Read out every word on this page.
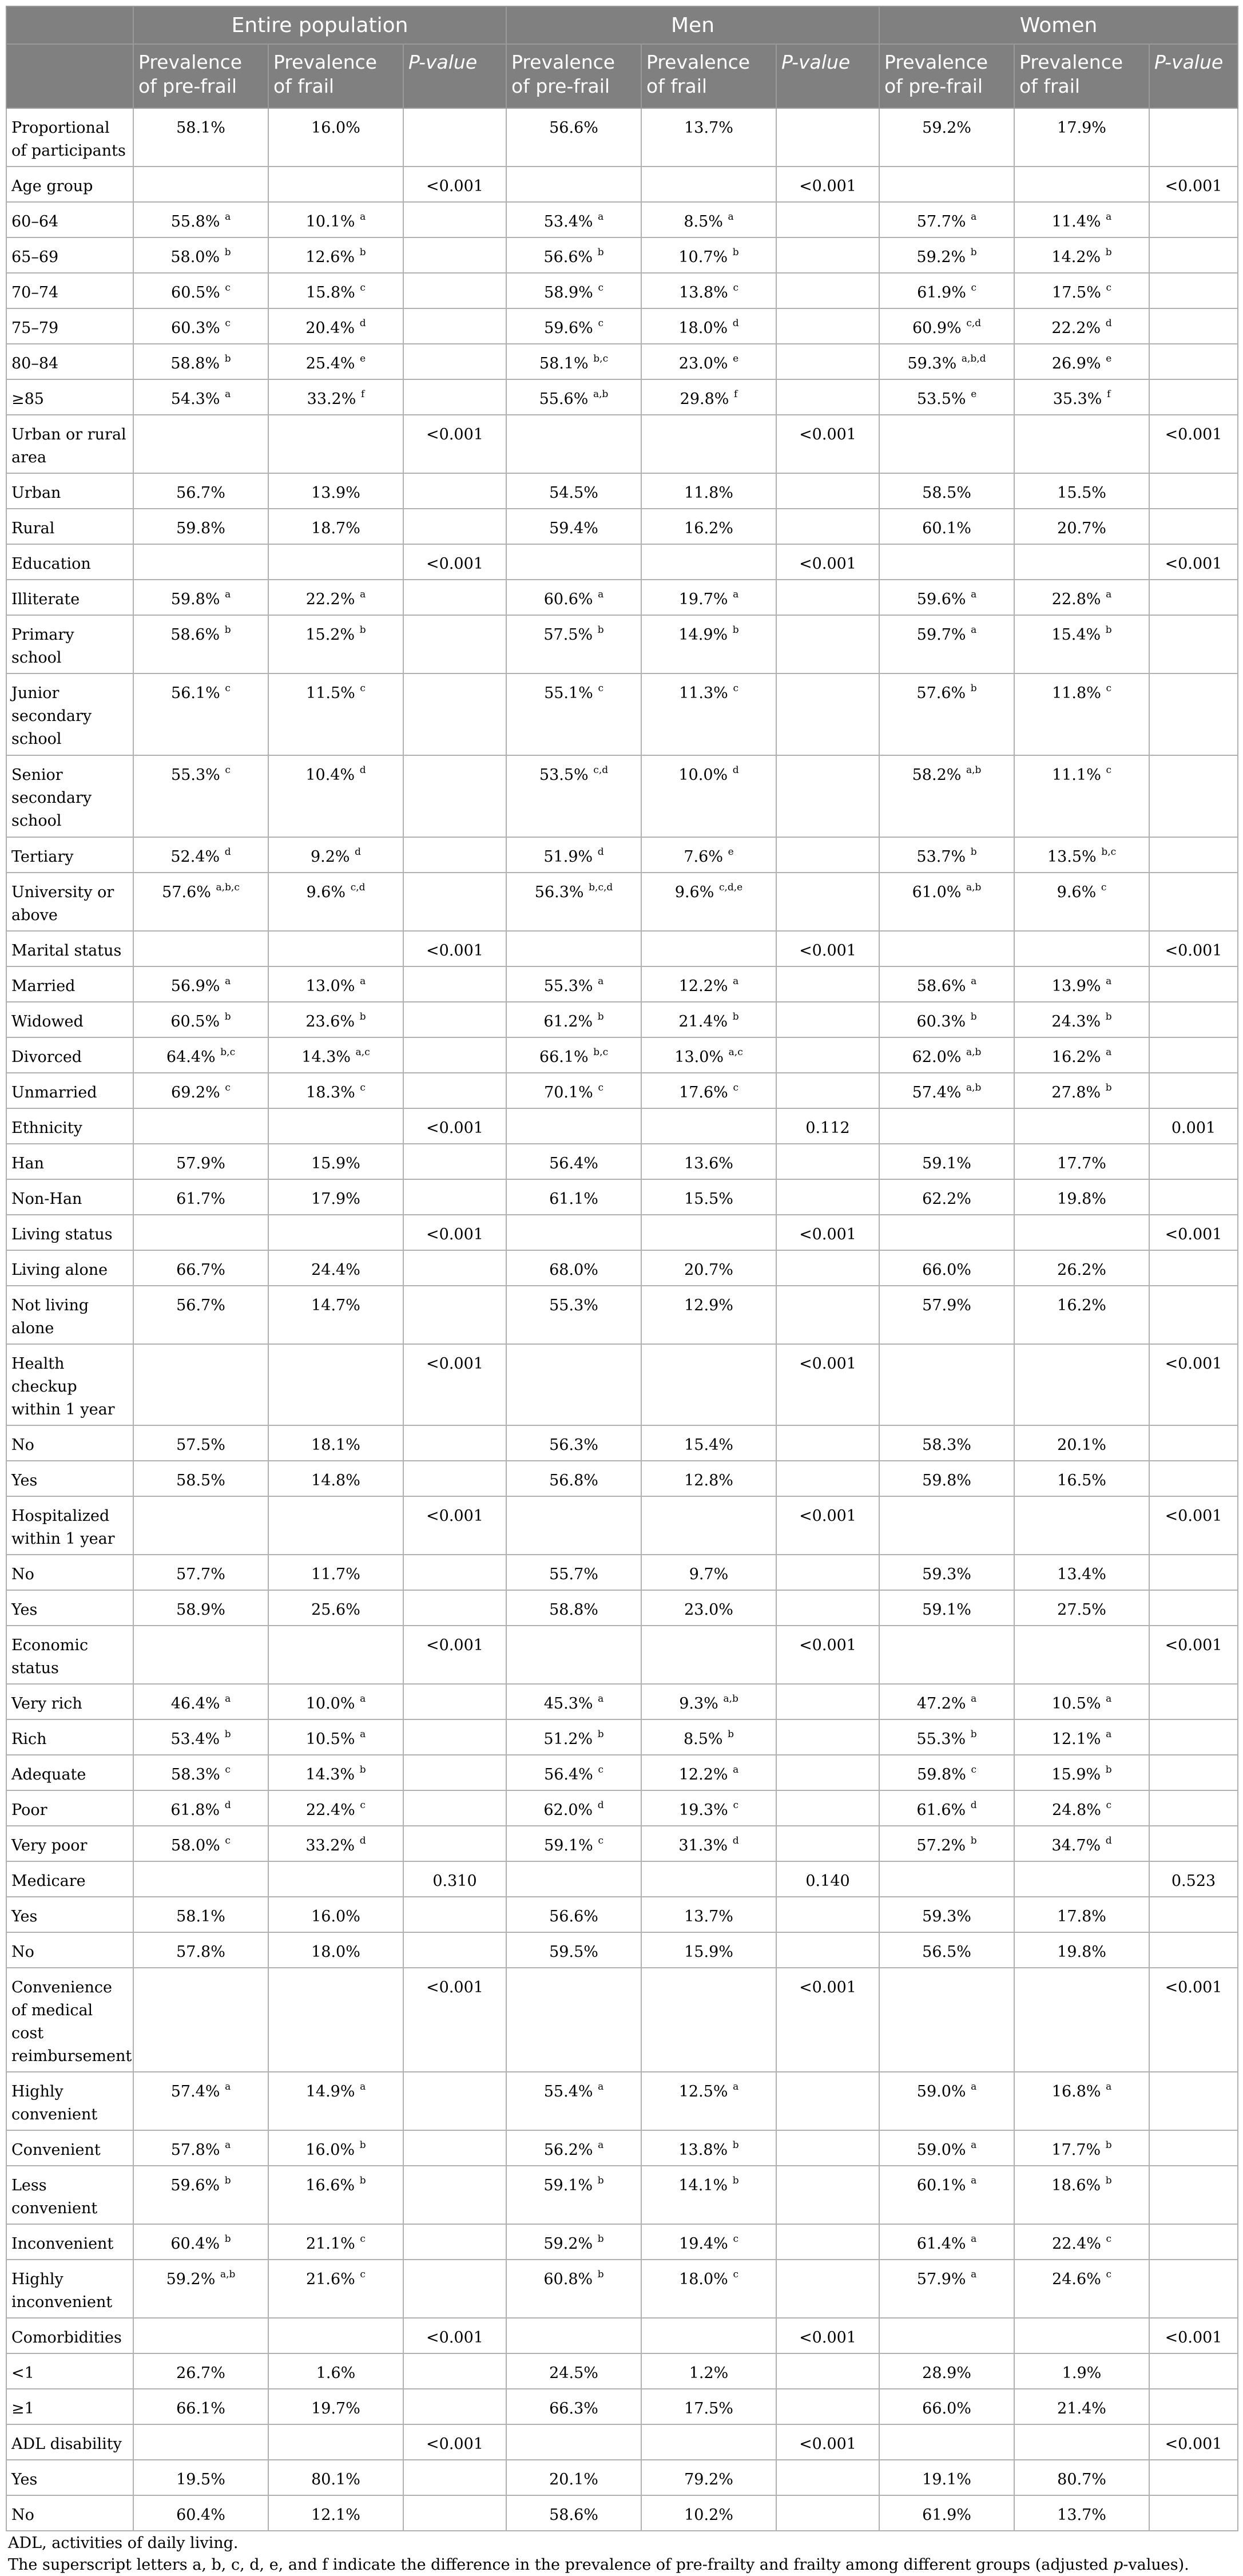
	Entire population			Men			Women		
	Prevalence of pre-frail	Prevalence of frail	P-value	Prevalence of pre-frail	Prevalence of frail	P-value	Prevalence of pre-frail	Prevalence of frail	P-value
Proportional of participants	58.1%	16.0%		56.6%	13.7%		59.2%	17.9%	
Age group			<0.001			<0.001			<0.001
60–64	55.8% $^a$	10.1% $^a$		53.4% $^a$	8.5% $^a$		57.7% $^a$	11.4% $^a$	
65–69	58.0% $^b$	12.6% $^b$		56.6% $^b$	10.7% $^b$		59.2% $^b$	14.2% $^b$	
70–74	60.5% $^c$	15.8% $^c$		58.9% $^c$	13.8% $^c$		61.9% $^c$	17.5% $^c$	
75–79	60.3% $^c$	20.4% $^d$		59.6% $^c$	18.0% $^d$		60.9% $^{c,d}$	22.2% $^d$	
80–84	58.8% $^b$	25.4% $^e$		58.1% $^{b,c}$	23.0% $^e$		59.3% $^{a,b,d}$	26.9% $^e$	
≥85	54.3% $^a$	33.2% $^f$		55.6% $^{a,b}$	29.8% $^f$		53.5% $^e$	35.3% $^f$	
Urban or rural area			<0.001			<0.001			<0.001
Urban	56.7%	13.9%		54.5%	11.8%		58.5%	15.5%	
Rural	59.8%	18.7%		59.4%	16.2%		60.1%	20.7%	
Education			<0.001			<0.001			<0.001
Illiterate	59.8% $^a$	22.2% $^a$		60.6% $^a$	19.7% $^a$		59.6% $^a$	22.8% $^a$	
Primary school	58.6% $^b$	15.2% $^b$		57.5% $^b$	14.9% $^b$		59.7% $^a$	15.4% $^b$	
Junior secondary school	56.1% $^c$	11.5% $^c$		55.1% $^c$	11.3% $^c$		57.6% $^b$	11.8% $^c$	
Senior secondary school	55.3% $^c$	10.4% $^d$		53.5% $^{c,d}$	10.0% $^d$		58.2% $^{a,b}$	11.1% $^c$	
Tertiary	52.4% $^d$	9.2% $^d$		51.9% $^d$	7.6% $^e$		53.7% $^b$	13.5% $^{b,c}$	
University or above	57.6% $^{a,b,c}$	9.6% $^{c,d}$		56.3% $^{b,c,d}$	9.6% $^{c,d,e}$		61.0% $^{a,b}$	9.6% $^c$	
Marital status			<0.001			<0.001			<0.001
Married	56.9% $^a$	13.0% $^a$		55.3% $^a$	12.2% $^a$		58.6% $^a$	13.9% $^a$	
Widowed	60.5% $^b$	23.6% $^b$		61.2% $^b$	21.4% $^b$		60.3% $^b$	24.3% $^b$	
Divorced	64.4% $^{b,c}$	14.3% $^{a,c}$		66.1% $^{b,c}$	13.0% $^{a,c}$		62.0% $^{a,b}$	16.2% $^a$	
Unmarried	69.2% $^c$	18.3% $^c$		70.1% $^c$	17.6% $^c$		57.4% $^{a,b}$	27.8% $^b$	
Ethnicity			<0.001			0.112			0.001
Han	57.9%	15.9%		56.4%	13.6%		59.1%	17.7%	
Non-Han	61.7%	17.9%		61.1%	15.5%		62.2%	19.8%	
Living status			<0.001			<0.001			<0.001
Living alone	66.7%	24.4%		68.0%	20.7%		66.0%	26.2%	
Not living alone	56.7%	14.7%		55.3%	12.9%		57.9%	16.2%	
Health checkup within 1 year			<0.001			<0.001			<0.001
No	57.5%	18.1%		56.3%	15.4%		58.3%	20.1%	
Yes	58.5%	14.8%		56.8%	12.8%		59.8%	16.5%	
Hospitalized within 1 year			<0.001			<0.001			<0.001
No	57.7%	11.7%		55.7%	9.7%		59.3%	13.4%	
Yes	58.9%	25.6%		58.8%	23.0%		59.1%	27.5%	
Economic status			<0.001			<0.001			<0.001
Very rich	46.4% $^a$	10.0% $^a$		45.3% $^a$	9.3% $^{a,b}$		47.2% $^a$	10.5% $^a$	
Rich	53.4% $^b$	10.5% $^a$		51.2% $^b$	8.5% $^b$		55.3% $^b$	12.1% $^a$	
Adequate	58.3% $^c$	14.3% $^b$		56.4% $^c$	12.2% $^a$		59.8% $^c$	15.9% $^b$	
Poor	61.8% $^d$	22.4% $^c$		62.0% $^d$	19.3% $^c$		61.6% $^d$	24.8% $^c$	
Very poor	58.0% $^c$	33.2% $^d$		59.1% $^c$	31.3% $^d$		57.2% $^b$	34.7% $^d$	
Medicare			0.310			0.140			0.523
Yes	58.1%	16.0%		56.6%	13.7%		59.3%	17.8%	
No	57.8%	18.0%		59.5%	15.9%		56.5%	19.8%	
Convenience of medical cost reimbursement			<0.001			<0.001			<0.001
Highly convenient	57.4% $^a$	14.9% $^a$		55.4% $^a$	12.5% $^a$		59.0% $^a$	16.8% $^a$	
Convenient	57.8% $^a$	16.0% $^b$		56.2% $^a$	13.8% $^b$		59.0% $^a$	17.7% $^b$	
Less convenient	59.6% $^b$	16.6% $^b$		59.1% $^b$	14.1% $^b$		60.1% $^a$	18.6% $^b$	
Inconvenient	60.4% $^b$	21.1% $^c$		59.2% $^b$	19.4% $^c$		61.4% $^a$	22.4% $^c$	
Highly inconvenient	59.2% $^{a,b}$	21.6% $^c$		60.8% $^b$	18.0% $^c$		57.9% $^a$	24.6% $^c$	
Comorbidities			<0.001			<0.001			<0.001
<1	26.7%	1.6%		24.5%	1.2%		28.9%	1.9%	
≥1	66.1%	19.7%		66.3%	17.5%		66.0%	21.4%	
ADL disability			<0.001			<0.001			<0.001
Yes	19.5%	80.1%		20.1%	79.2%		19.1%	80.7%	
No	60.4%	12.1%		58.6%	10.2%		61.9%	13.7%	
ADL, activities of daily living.
The superscript letters a, b, c, d, e, and f indicate the difference in the prevalence of pre-frailty and frailty among different groups (adjusted p-values).
